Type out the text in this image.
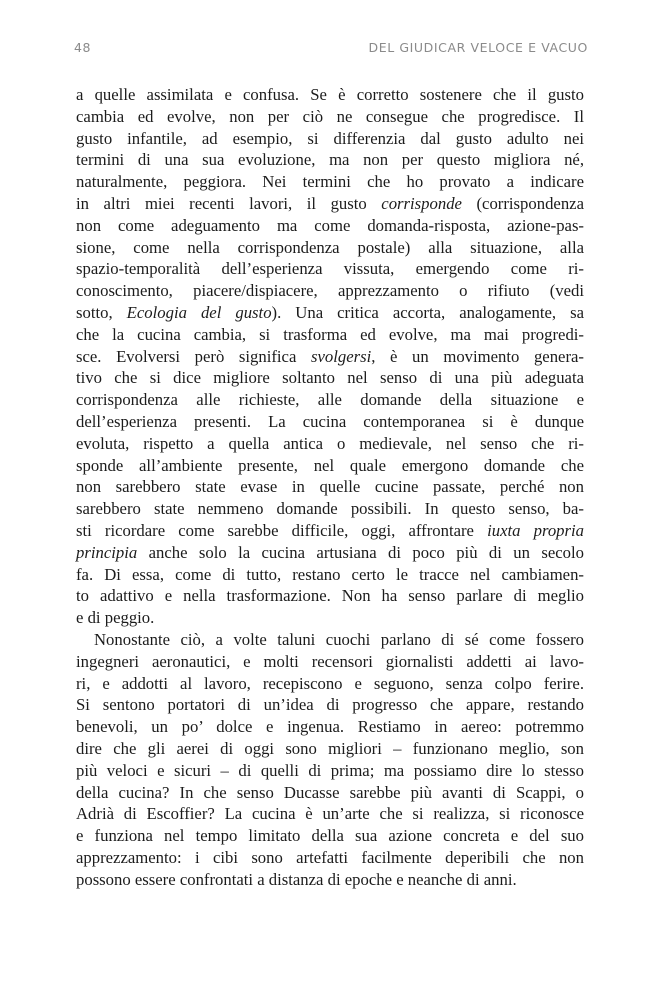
48	DEL GIUDICAR VELOCE E VACUO
a quelle assimilata e confusa. Se è corretto sostenere che il gusto
cambia ed evolve, non per ciò ne consegue che progredisce. Il
gusto infantile, ad esempio, si differenzia dal gusto adulto nei
termini di una sua evoluzione, ma non per questo migliora né,
naturalmente, peggiora. Nei termini che ho provato a indicare
in altri miei recenti lavori, il gusto corrisponde (corrispondenza
non come adeguamento ma come domanda-risposta, azione-pas-
sione, come nella corrispondenza postale) alla situazione, alla
spazio-temporalità dell’esperienza vissuta, emergendo come ri-
conoscimento, piacere/dispiacere, apprezzamento o rifiuto (vedi
sotto, Ecologia del gusto). Una critica accorta, analogamente, sa
che la cucina cambia, si trasforma ed evolve, ma mai progredi-
sce. Evolversi però significa svolgersi, è un movimento genera-
tivo che si dice migliore soltanto nel senso di una più adeguata
corrispondenza alle richieste, alle domande della situazione e
dell’esperienza presenti. La cucina contemporanea si è dunque
evoluta, rispetto a quella antica o medievale, nel senso che ri-
sponde all’ambiente presente, nel quale emergono domande che
non sarebbero state evase in quelle cucine passate, perché non
sarebbero state nemmeno domande possibili. In questo senso, ba-
sti ricordare come sarebbe difficile, oggi, affrontare iuxta propria
principia anche solo la cucina artusiana di poco più di un secolo
fa. Di essa, come di tutto, restano certo le tracce nel cambiamen-
to adattivo e nella trasformazione. Non ha senso parlare di meglio
e di peggio.
Nonostante ciò, a volte taluni cuochi parlano di sé come fossero
ingegneri aeronautici, e molti recensori giornalisti addetti ai lavo-
ri, e addotti al lavoro, recepiscono e seguono, senza colpo ferire.
Si sentono portatori di un’idea di progresso che appare, restando
benevoli, un po’ dolce e ingenua. Restiamo in aereo: potremmo
dire che gli aerei di oggi sono migliori – funzionano meglio, son
più veloci e sicuri – di quelli di prima; ma possiamo dire lo stesso
della cucina? In che senso Ducasse sarebbe più avanti di Scappi, o
Adrià di Escoffier? La cucina è un’arte che si realizza, si riconosce
e funziona nel tempo limitato della sua azione concreta e del suo
apprezzamento: i cibi sono artefatti facilmente deperibili che non
possono essere confrontati a distanza di epoche e neanche di anni.
